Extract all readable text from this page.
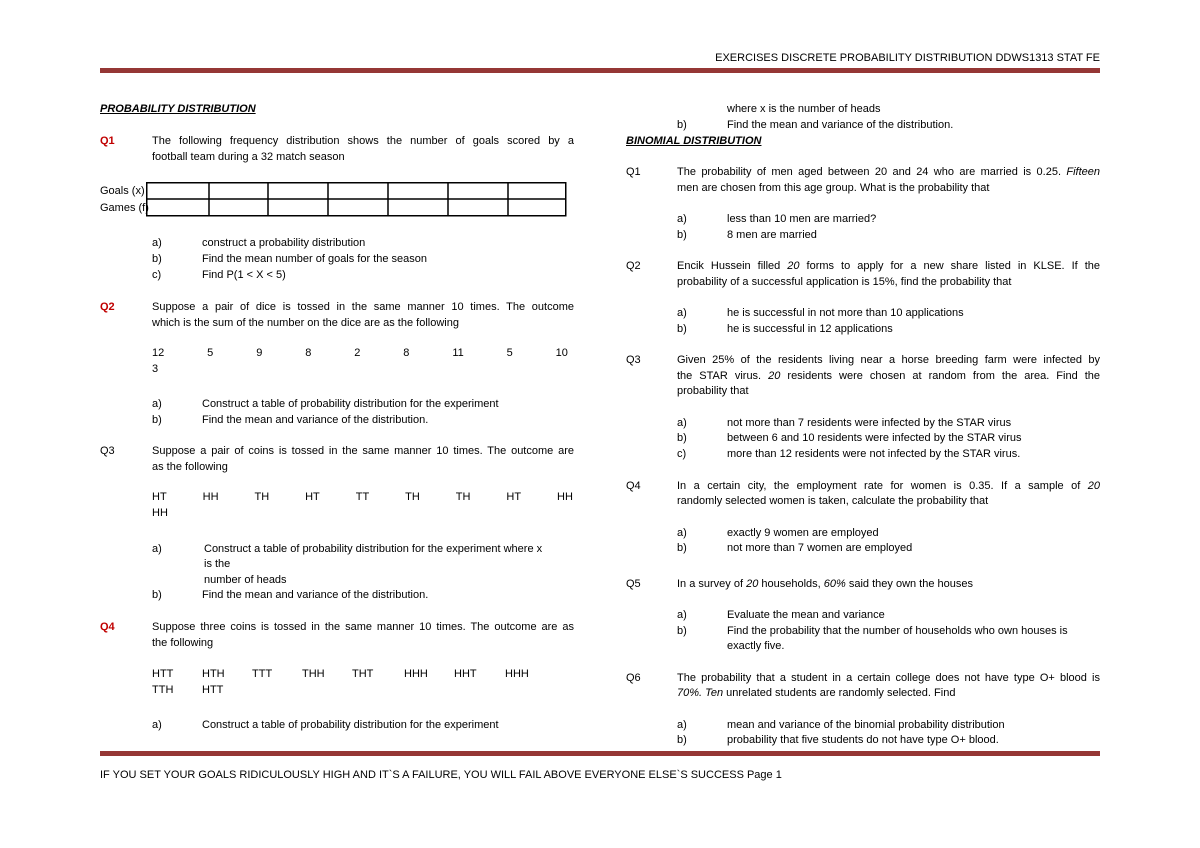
EXERCISES DISCRETE PROBABILITY DISTRIBUTION DDWS1313 STAT FE
PROBABILITY DISTRIBUTION
Q1	The following frequency distribution shows the number of goals scored by a
football team during a 32 match season
Goals (x)
Games (f)
a)	construct a probability distribution
b)	Find the mean number of goals for the season
c)	Find P(1 < X < 5)
Q2	Suppose a pair of dice is tossed in the same manner 10 times. The outcome
which is the sum of the number on the dice are as the following
12	5	9	8	2	8	11	5	10
3
a)	Construct a table of probability distribution for the experiment
b)	Find the mean and variance of the distribution.
Q3	Suppose a pair of coins is tossed in the same manner 10 times. The outcome are
as the following
HT	HH	TH	HT	TT	TH	TH	HT	HH
HH
a)	Construct a table of probability distribution for the experiment where x
is the
number of heads
b)	Find the mean and variance of the distribution.
Q4	Suppose three coins is tossed in the same manner 10 times. The outcome are as
the following
HTT	HTH TTT	THH THT	HHH HHT	HHH
TTH	HTT
a)	Construct a table of probability distribution for the experiment
where x is the number of heads
b)	Find the mean and variance of the distribution.
BINOMIAL DISTRIBUTION
Q1	The probability of men aged between 20 and 24 who are married is 0.25. Fifteen
men are chosen from this age group. What is the probability that
a)	less than 10 men are married?
b)	8 men are married
Q2	Encik Hussein filled 20 forms to apply for a new share listed in KLSE. If the
probability of a successful application is 15%, find the probability that
a)	he is successful in not more than 10 applications
b)	he is successful in 12 applications
Q3	Given 25% of the residents living near a horse breeding farm were infected by
the STAR virus. 20 residents were chosen at random from the area. Find the
probability that
a)	not more than 7 residents were infected by the STAR virus
b)	between 6 and 10 residents were infected by the STAR virus
c)	more than 12 residents were not infected by the STAR virus.
Q4	In a certain city, the employment rate for women is 0.35. If a sample of 20
randomly selected women is taken, calculate the probability that
a)	exactly 9 women are employed
b)	not more than 7 women are employed
Q5	In a survey of 20 households, 60% said they own the houses
a)	Evaluate the mean and variance
b)	Find the probability that the number of households who own houses is
exactly five.
Q6	The probability that a student in a certain college does not have type O+ blood is
70%. Ten unrelated students are randomly selected. Find
a)	mean and variance of the binomial probability distribution
b)	probability that five students do not have type O+ blood.
IF YOU SET YOUR GOALS RIDICULOUSLY HIGH AND IT`S A FAILURE, YOU WILL FAIL ABOVE EVERYONE ELSE`S SUCCESS Page 1
